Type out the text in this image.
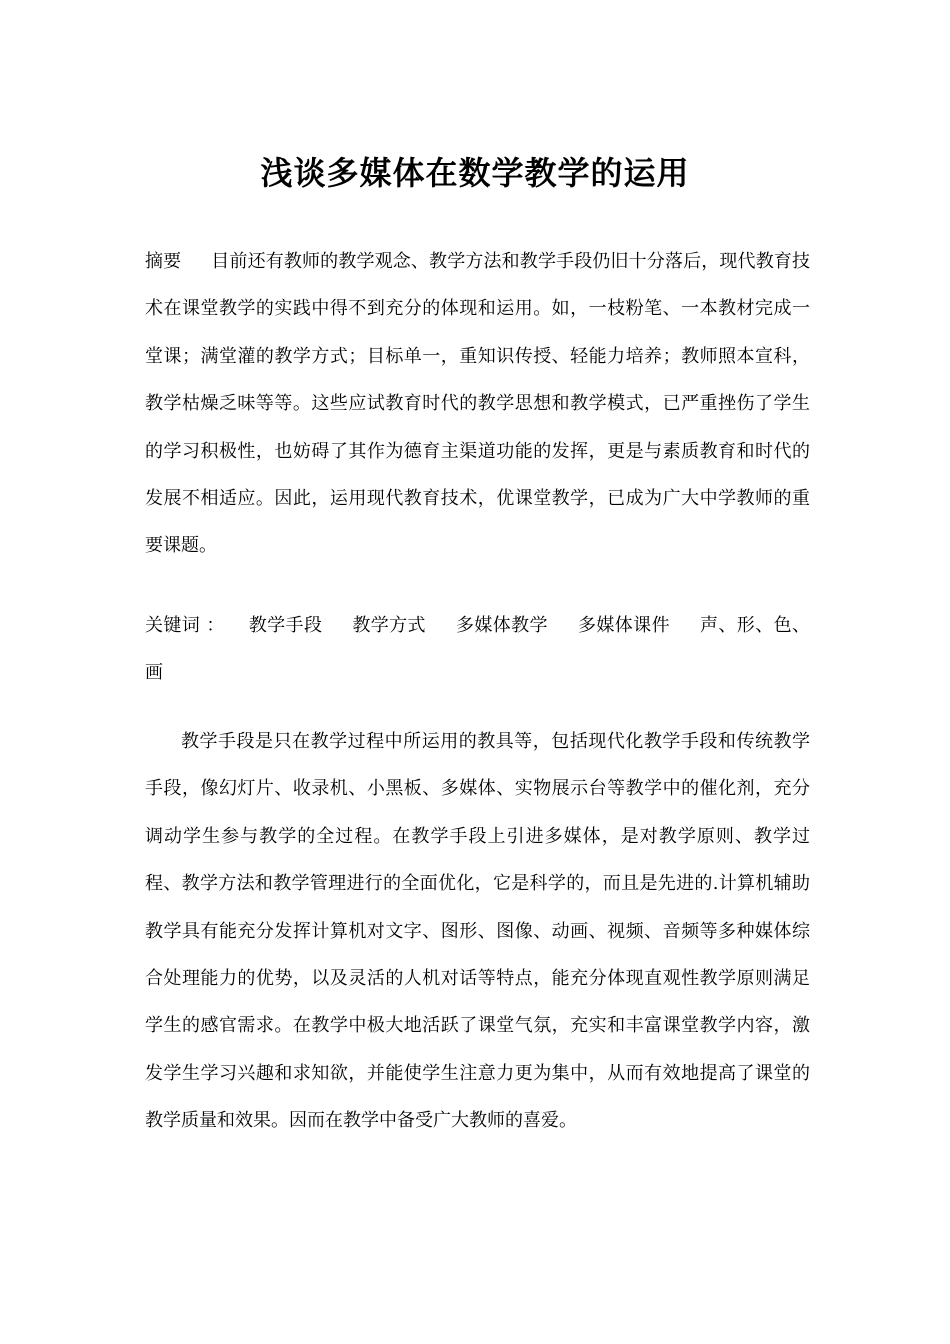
浅谈多媒体在数学教学的运用

摘要 目前还有教师的教学观念、教学方法和教学手段仍旧十分落后，现代教育技术在课堂教学的实践中得不到充分的体现和运用。如，一枝粉笔、一本教材完成一堂课；满堂灌的教学方式；目标单一，重知识传授、轻能力培养；教师照本宣科，教学枯燥乏味等等。这些应试教育时代的教学思想和教学模式，已严重挫伤了学生的学习积极性，也妨碍了其作为德育主渠道功能的发挥，更是与素质教育和时代的发展不相适应。因此，运用现代教育技术，优课堂教学，已成为广大中学教师的重要课题。

关键词 ： 教学手段 教学方式 多媒体教学 多媒体课件 声、形、色、画

教学手段是只在教学过程中所运用的教具等，包括现代化教学手段和传统教学手段，像幻灯片、收录机、小黑板、多媒体、实物展示台等教学中的催化剂，充分调动学生参与教学的全过程。在教学手段上引进多媒体，是对教学原则、教学过程、教学方法和教学管理进行的全面优化，它是科学的，而且是先进的.计算机辅助教学具有能充分发挥计算机对文字、图形、图像、动画、视频、音频等多种媒体综合处理能力的优势，以及灵活的人机对话等特点，能充分体现直观性教学原则满足学生的感官需求。在教学中极大地活跃了课堂气氛，充实和丰富课堂教学内容，激发学生学习兴趣和求知欲，并能使学生注意力更为集中，从而有效地提高了课堂的教学质量和效果。因而在教学中备受广大教师的喜爱。
